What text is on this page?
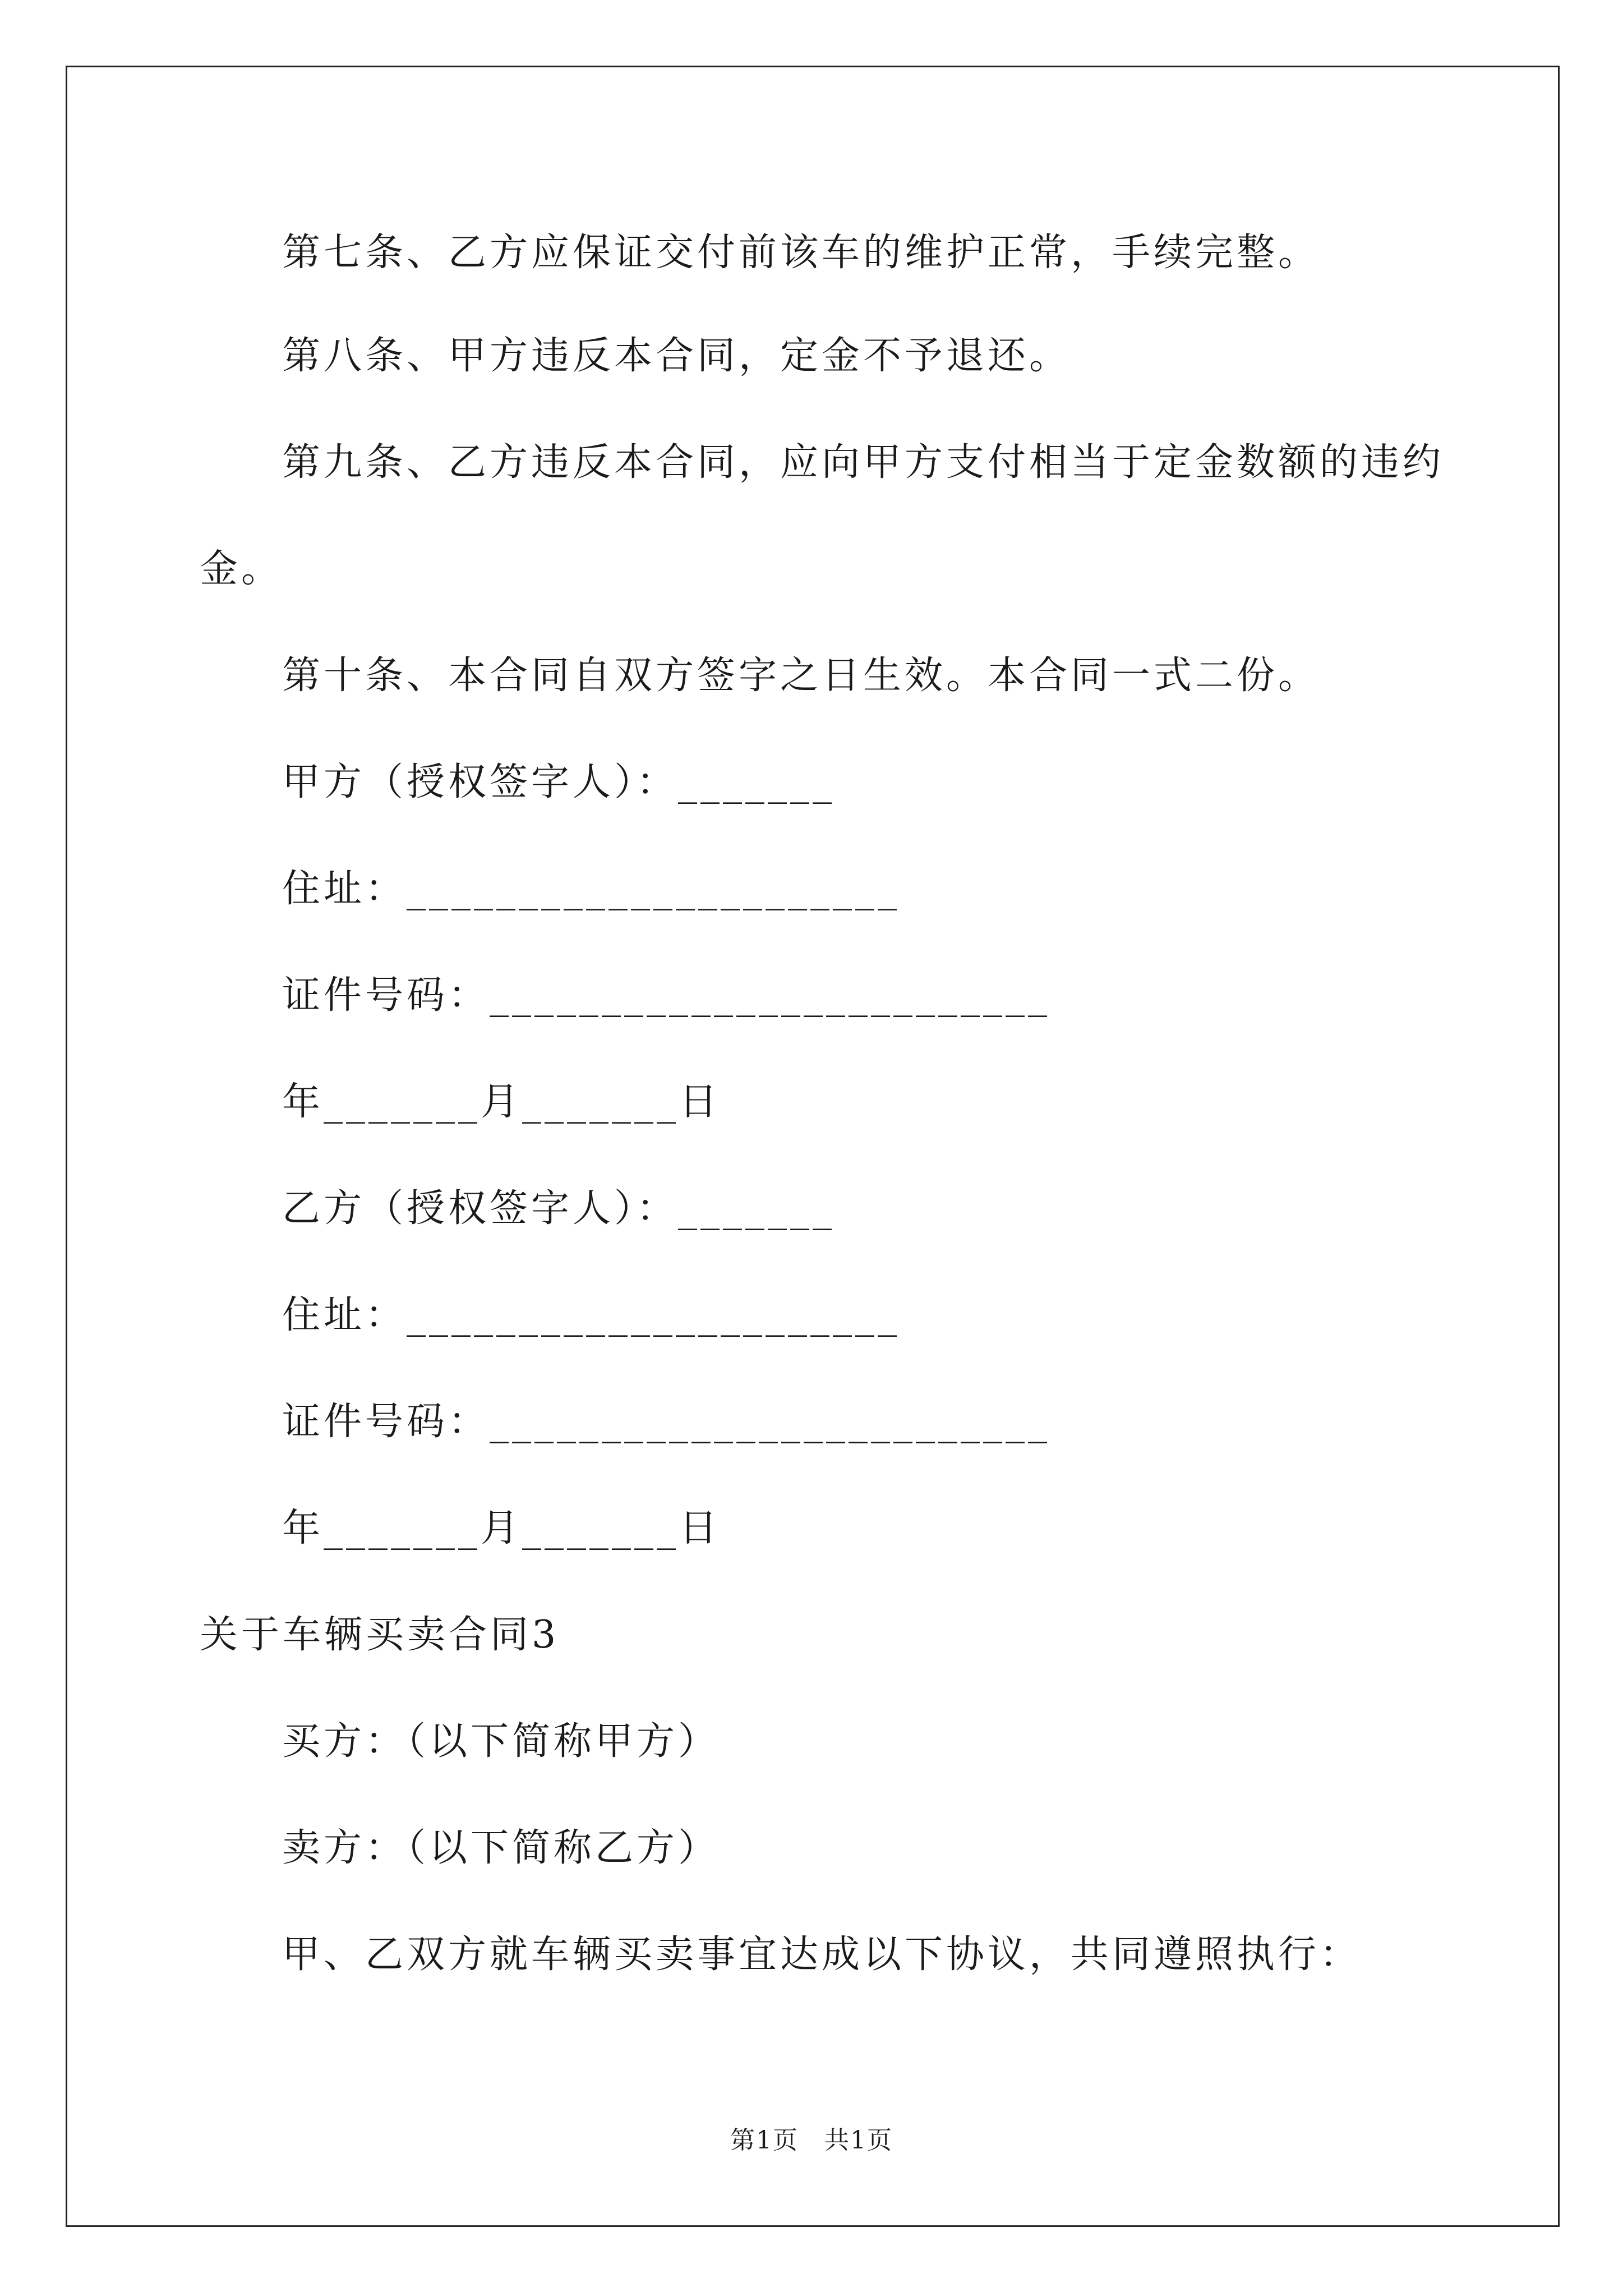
第七条、乙方应保证交付前该车的维护正常，手续完整。
第八条、甲方违反本合同，定金不予退还。
第九条、乙方违反本合同，应向甲方支付相当于定金数额的违约
金。
第十条、本合同自双方签字之日生效。本合同一式二份。
甲方（授权签字人）：_______
住址：______________________
证件号码：_________________________
年_______月_______日
乙方（授权签字人）：_______
住址：______________________
证件号码：_________________________
年_______月_______日
关于车辆买卖合同3
买方：（以下简称甲方）
卖方：（以下简称乙方）
甲、乙双方就车辆买卖事宜达成以下协议，共同遵照执行：
第1页　共1页
